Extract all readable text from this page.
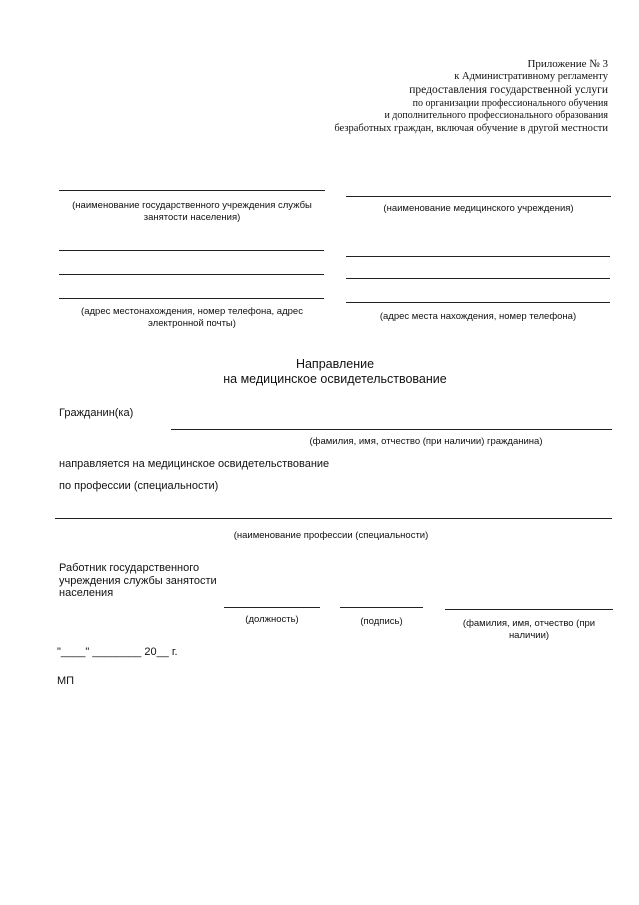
Приложение № 3
к Административному регламенту
предоставления государственной услуги
по организации профессионального обучения
и дополнительного профессионального образования
безработных граждан, включая обучение в другой местности
(наименование государственного учреждения службы занятости населения)
(наименование медицинского учреждения)
(адрес местонахождения, номер телефона, адрес электронной почты)
(адрес места нахождения, номер телефона)
Направление
на медицинское освидетельствование
Гражданин(ка)
(фамилия, имя, отчество (при наличии) гражданина)
направляется на медицинское освидетельствование
по профессии (специальности)
(наименование профессии (специальности)
Работник государственного
учреждения службы занятости
населения
(должность)	(подпись)	(фамилия, имя, отчество (при наличии)
"____" ________ 20__ г.
МП
